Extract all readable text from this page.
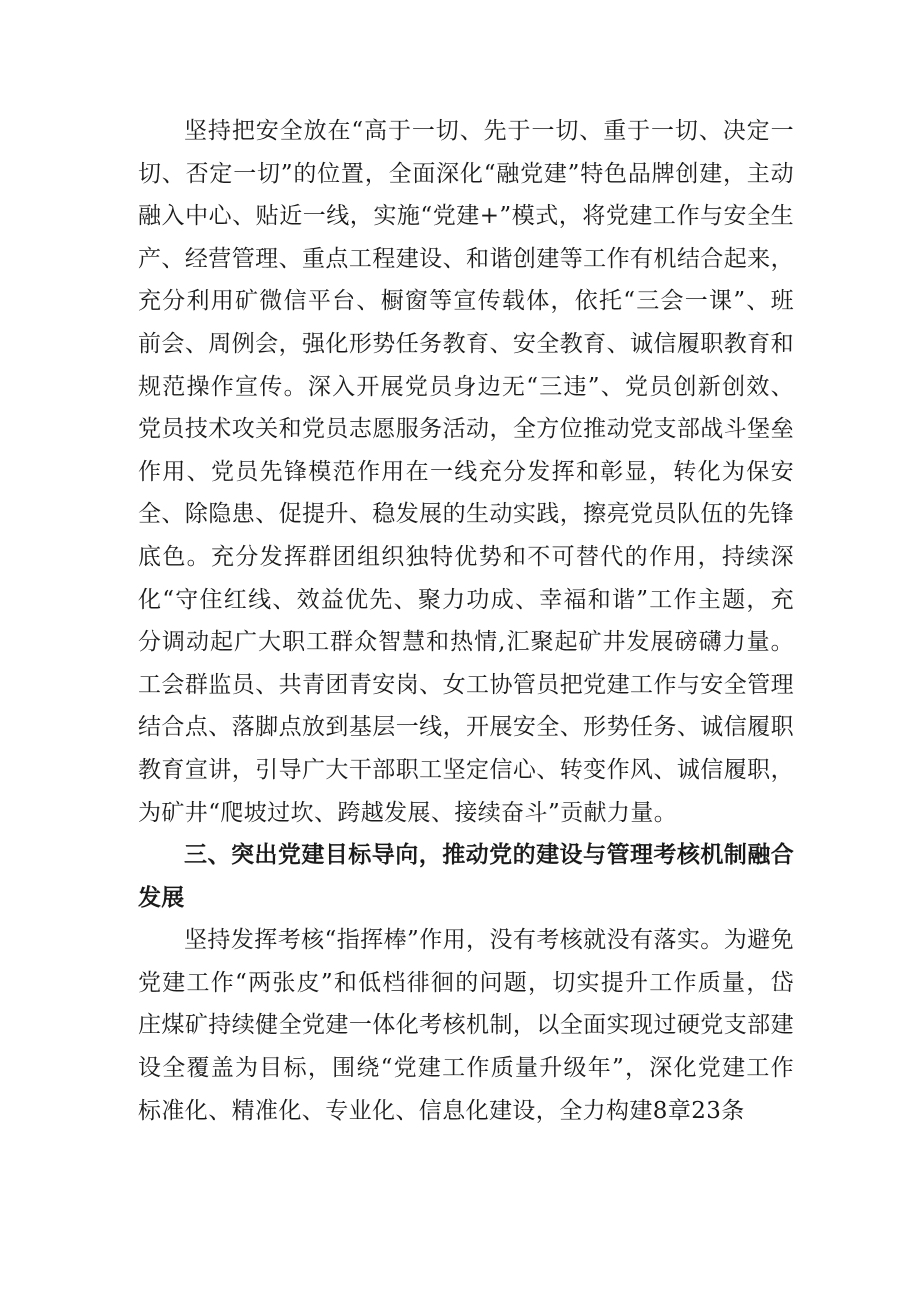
坚持把安全放在“高于一切、先于一切、重于一切、决定一切、否定一切”的位置，全面深化“融党建”特色品牌创建，主动融入中心、贴近一线，实施“党建+”模式，将党建工作与安全生产、经营管理、重点工程建设、和谐创建等工作有机结合起来，充分利用矿微信平台、橱窗等宣传载体，依托“三会一课”、班前会、周例会，强化形势任务教育、安全教育、诚信履职教育和规范操作宣传。深入开展党员身边无“三违”、党员创新创效、党员技术攻关和党员志愿服务活动，全方位推动党支部战斗堡垒作用、党员先锋模范作用在一线充分发挥和彰显，转化为保安全、除隐患、促提升、稳发展的生动实践，擦亮党员队伍的先锋底色。充分发挥群团组织独特优势和不可替代的作用，持续深化“守住红线、效益优先、聚力功成、幸福和谐”工作主题，充分调动起广大职工群众智慧和热情,汇聚起矿井发展磅礴力量。工会群监员、共青团青安岗、女工协管员把党建工作与安全管理结合点、落脚点放到基层一线，开展安全、形势任务、诚信履职教育宣讲，引导广大干部职工坚定信心、转变作风、诚信履职，为矿井“爬坡过坎、跨越发展、接续奋斗”贡献力量。

三、突出党建目标导向，推动党的建设与管理考核机制融合发展

坚持发挥考核“指挥棒”作用，没有考核就没有落实。为避免党建工作“两张皮”和低档徘徊的问题，切实提升工作质量，岱庄煤矿持续健全党建一体化考核机制，以全面实现过硬党支部建设全覆盖为目标，围绕“党建工作质量升级年”，深化党建工作标准化、精准化、专业化、信息化建设，全力构建8章23条
